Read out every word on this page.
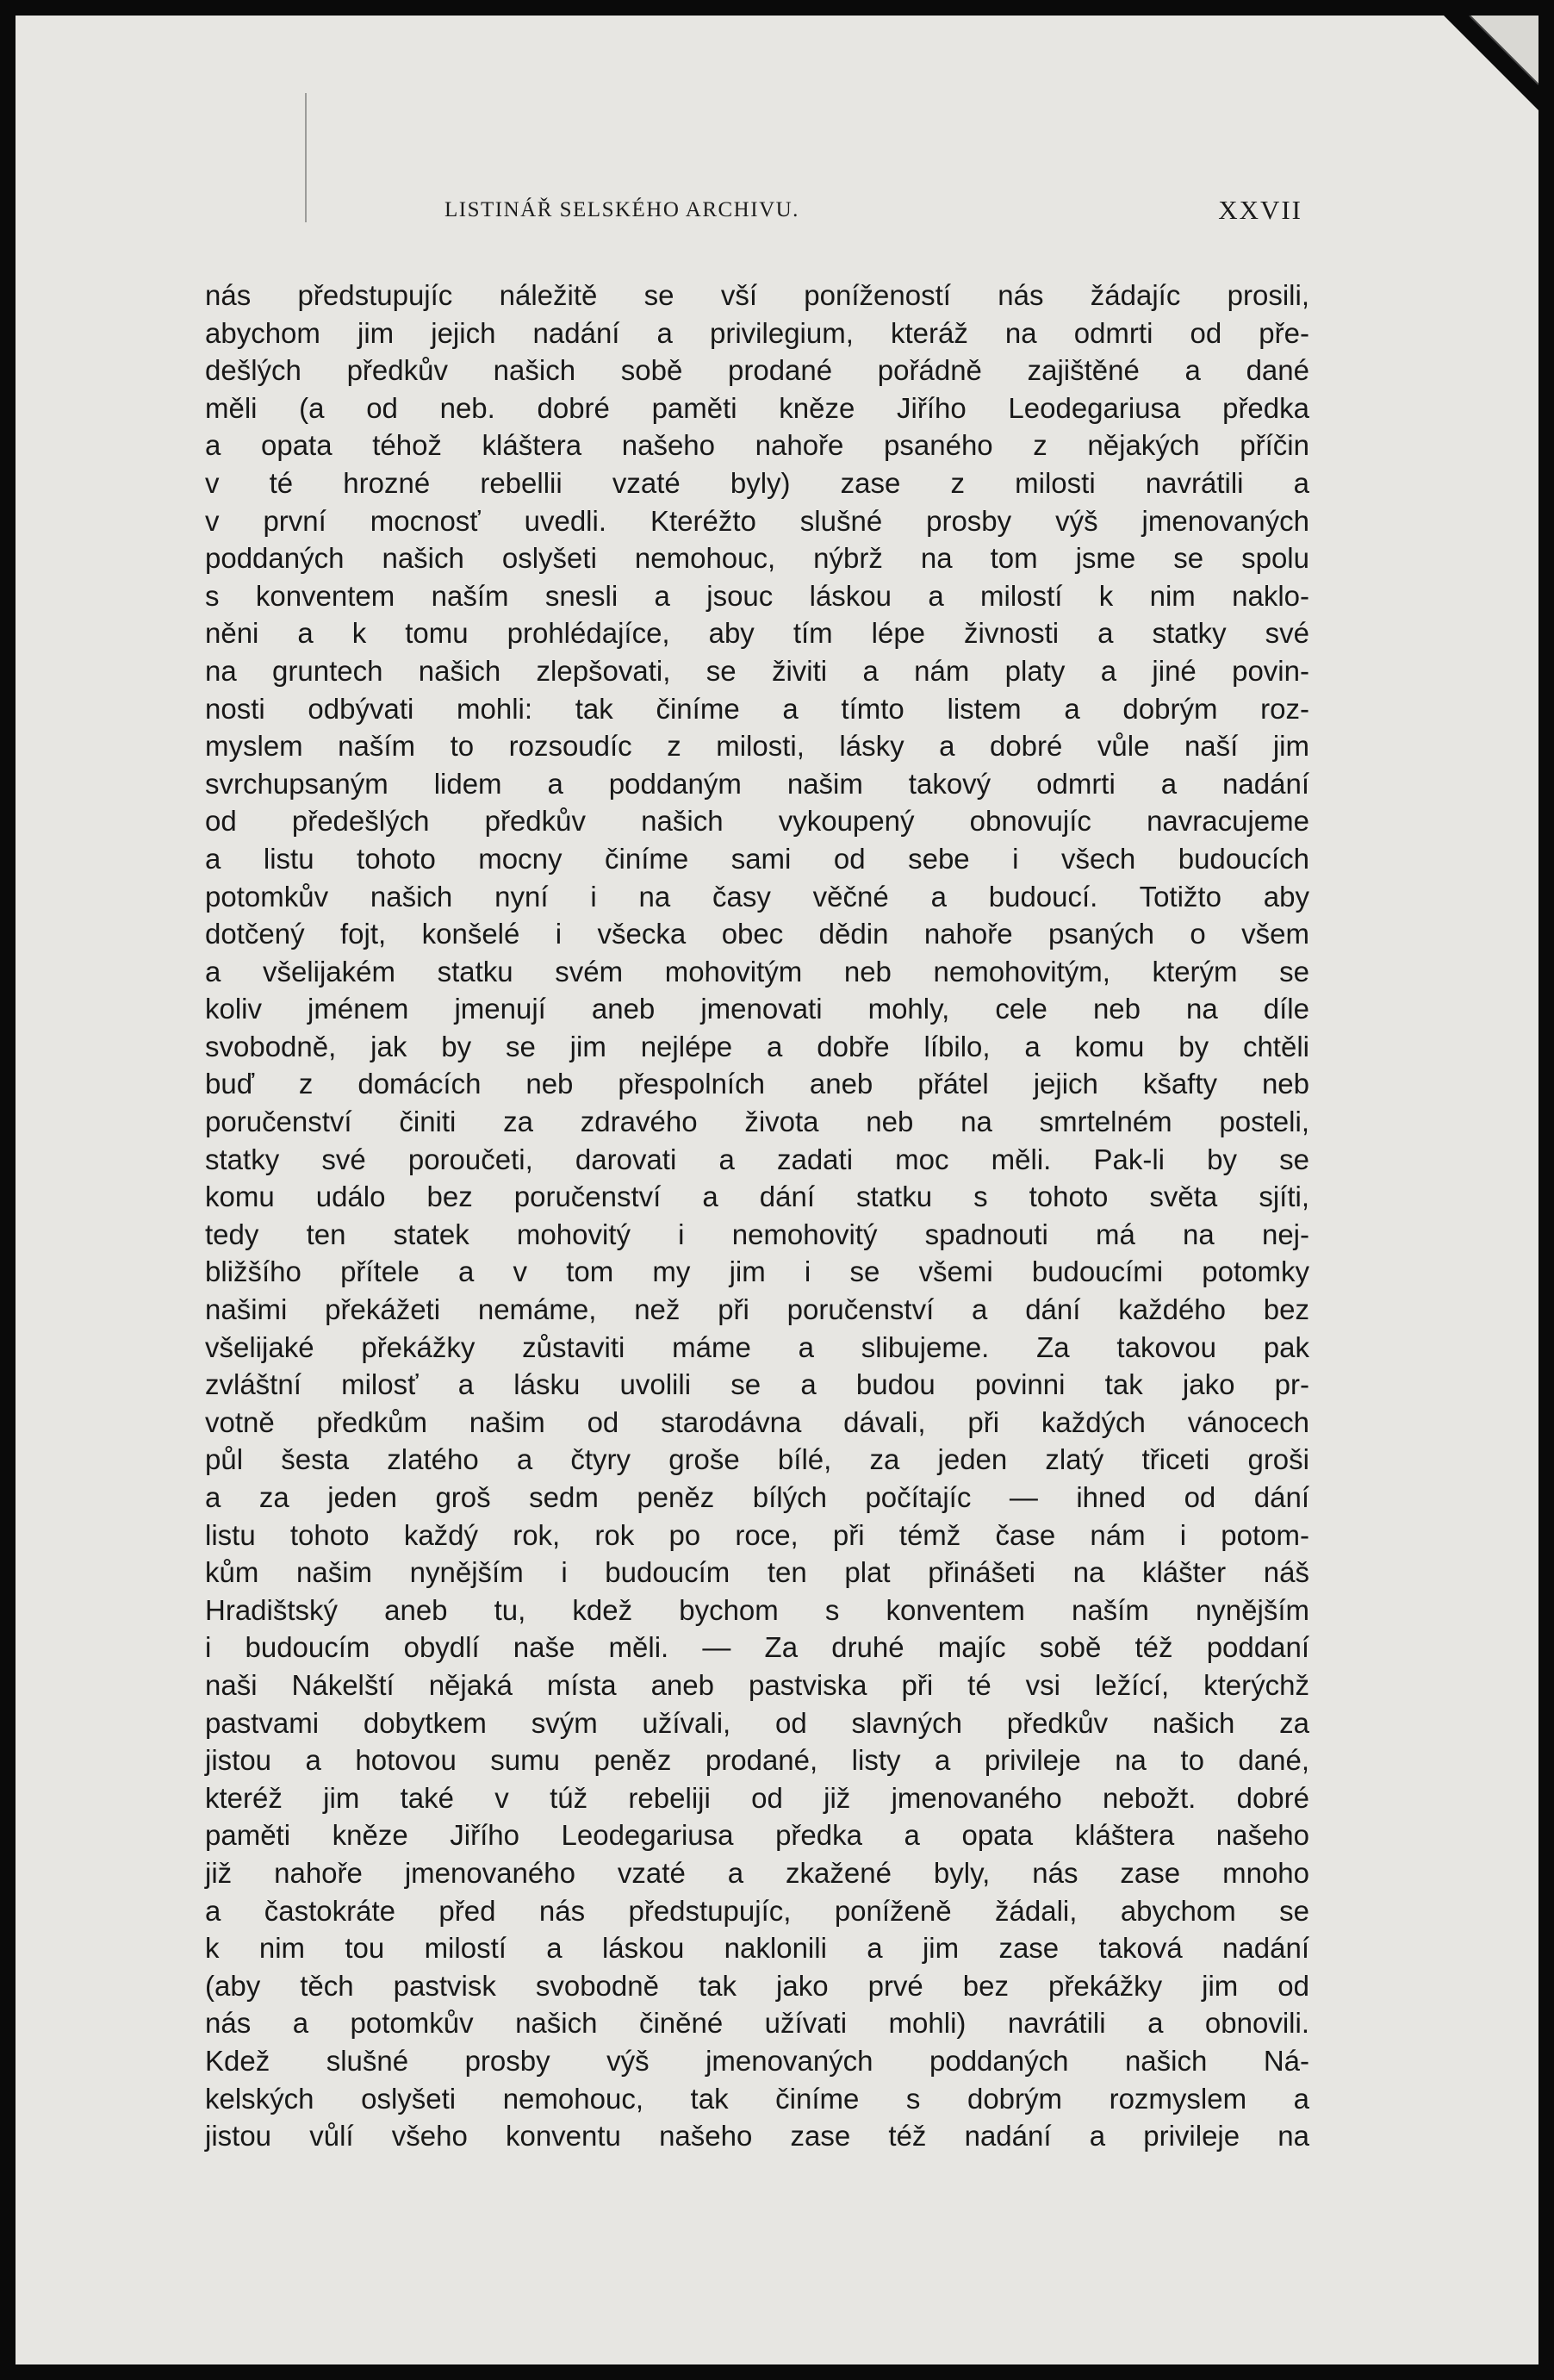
LISTINÁŘ SELSKÉHO ARCHIVU.	XXVII
nás předstupujíc náležitě se vší ponížeností nás žádajíc prosili,
abychom jim jejich nadání a privilegium, kteráž na odmrti od pře-
dešlých předkův našich sobě prodané pořádně zajištěné a dané
měli (a od neb. dobré paměti kněze Jiřího Leodegariusa předka
a opata téhož kláštera našeho nahoře psaného z nějakých příčin
v té hrozné rebellii vzaté byly) zase z milosti navrátili a
v první mocnosť uvedli. Kteréžto slušné prosby výš jmenovaných
poddaných našich oslyšeti nemohouc, nýbrž na tom jsme se spolu
s konventem naším snesli a jsouc láskou a milostí k nim naklo-
něni a k tomu prohlédajíce, aby tím lépe živnosti a statky své
na gruntech našich zlepšovati, se živiti a nám platy a jiné povin-
nosti odbývati mohli: tak činíme a tímto listem a dobrým roz-
myslem naším to rozsoudíc z milosti, lásky a dobré vůle naší jim
svrchupsaným lidem a poddaným našim takový odmrti a nadání
od předešlých předkův našich vykoupený obnovujíc navracujeme
a listu tohoto mocny činíme sami od sebe i všech budoucích
potomkův našich nyní i na časy věčné a budoucí. Totižto aby
dotčený fojt, konšelé i všecka obec dědin nahoře psaných o všem
a všelijakém statku svém mohovitým neb nemohovitým, kterým se
koliv jménem jmenují aneb jmenovati mohly, cele neb na díle
svobodně, jak by se jim nejlépe a dobře líbilo, a komu by chtěli
buď z domácích neb přespolních aneb přátel jejich kšafty neb
poručenství činiti za zdravého života neb na smrtelném posteli,
statky své poroučeti, darovati a zadati moc měli. Pak-li by se
komu událo bez poručenství a dání statku s tohoto světa sjíti,
tedy ten statek mohovitý i nemohovitý spadnouti má na nej-
bližšího přítele a v tom my jim i se všemi budoucími potomky
našimi překážeti nemáme, než při poručenství a dání každého bez
všelijaké překážky zůstaviti máme a slibujeme. Za takovou pak
zvláštní milosť a lásku uvolili se a budou povinni tak jako pr-
votně předkům našim od starodávna dávali, při každých vánocech
půl šesta zlatého a čtyry groše bílé, za jeden zlatý třiceti groši
a za jeden groš sedm peněz bílých počítajíc — ihned od dání
listu tohoto každý rok, rok po roce, při témž čase nám i potom-
kům našim nynějším i budoucím ten plat přinášeti na klášter náš
Hradištský aneb tu, kdež bychom s konventem naším nynějším
i budoucím obydlí naše měli. — Za druhé majíc sobě též poddaní
naši Nákelští nějaká místa aneb pastviska při té vsi ležící, kterýchž
pastvami dobytkem svým užívali, od slavných předkův našich za
jistou a hotovou sumu peněz prodané, listy a privileje na to dané,
kteréž jim také v túž rebeliji od již jmenovaného nebožt. dobré
paměti kněze Jiřího Leodegariusa předka a opata kláštera našeho
již nahoře jmenovaného vzaté a zkažené byly, nás zase mnoho
a častokráte před nás předstupujíc, poníženě žádali, abychom se
k nim tou milostí a láskou naklonili a jim zase taková nadání
(aby těch pastvisk svobodně tak jako prvé bez překážky jim od
nás a potomkův našich činěné užívati mohli) navrátili a obnovili.
Kdež slušné prosby výš jmenovaných poddaných našich Ná-
kelských oslyšeti nemohouc, tak činíme s dobrým rozmyslem a
jistou vůlí všeho konventu našeho zase též nadání a privileje na
